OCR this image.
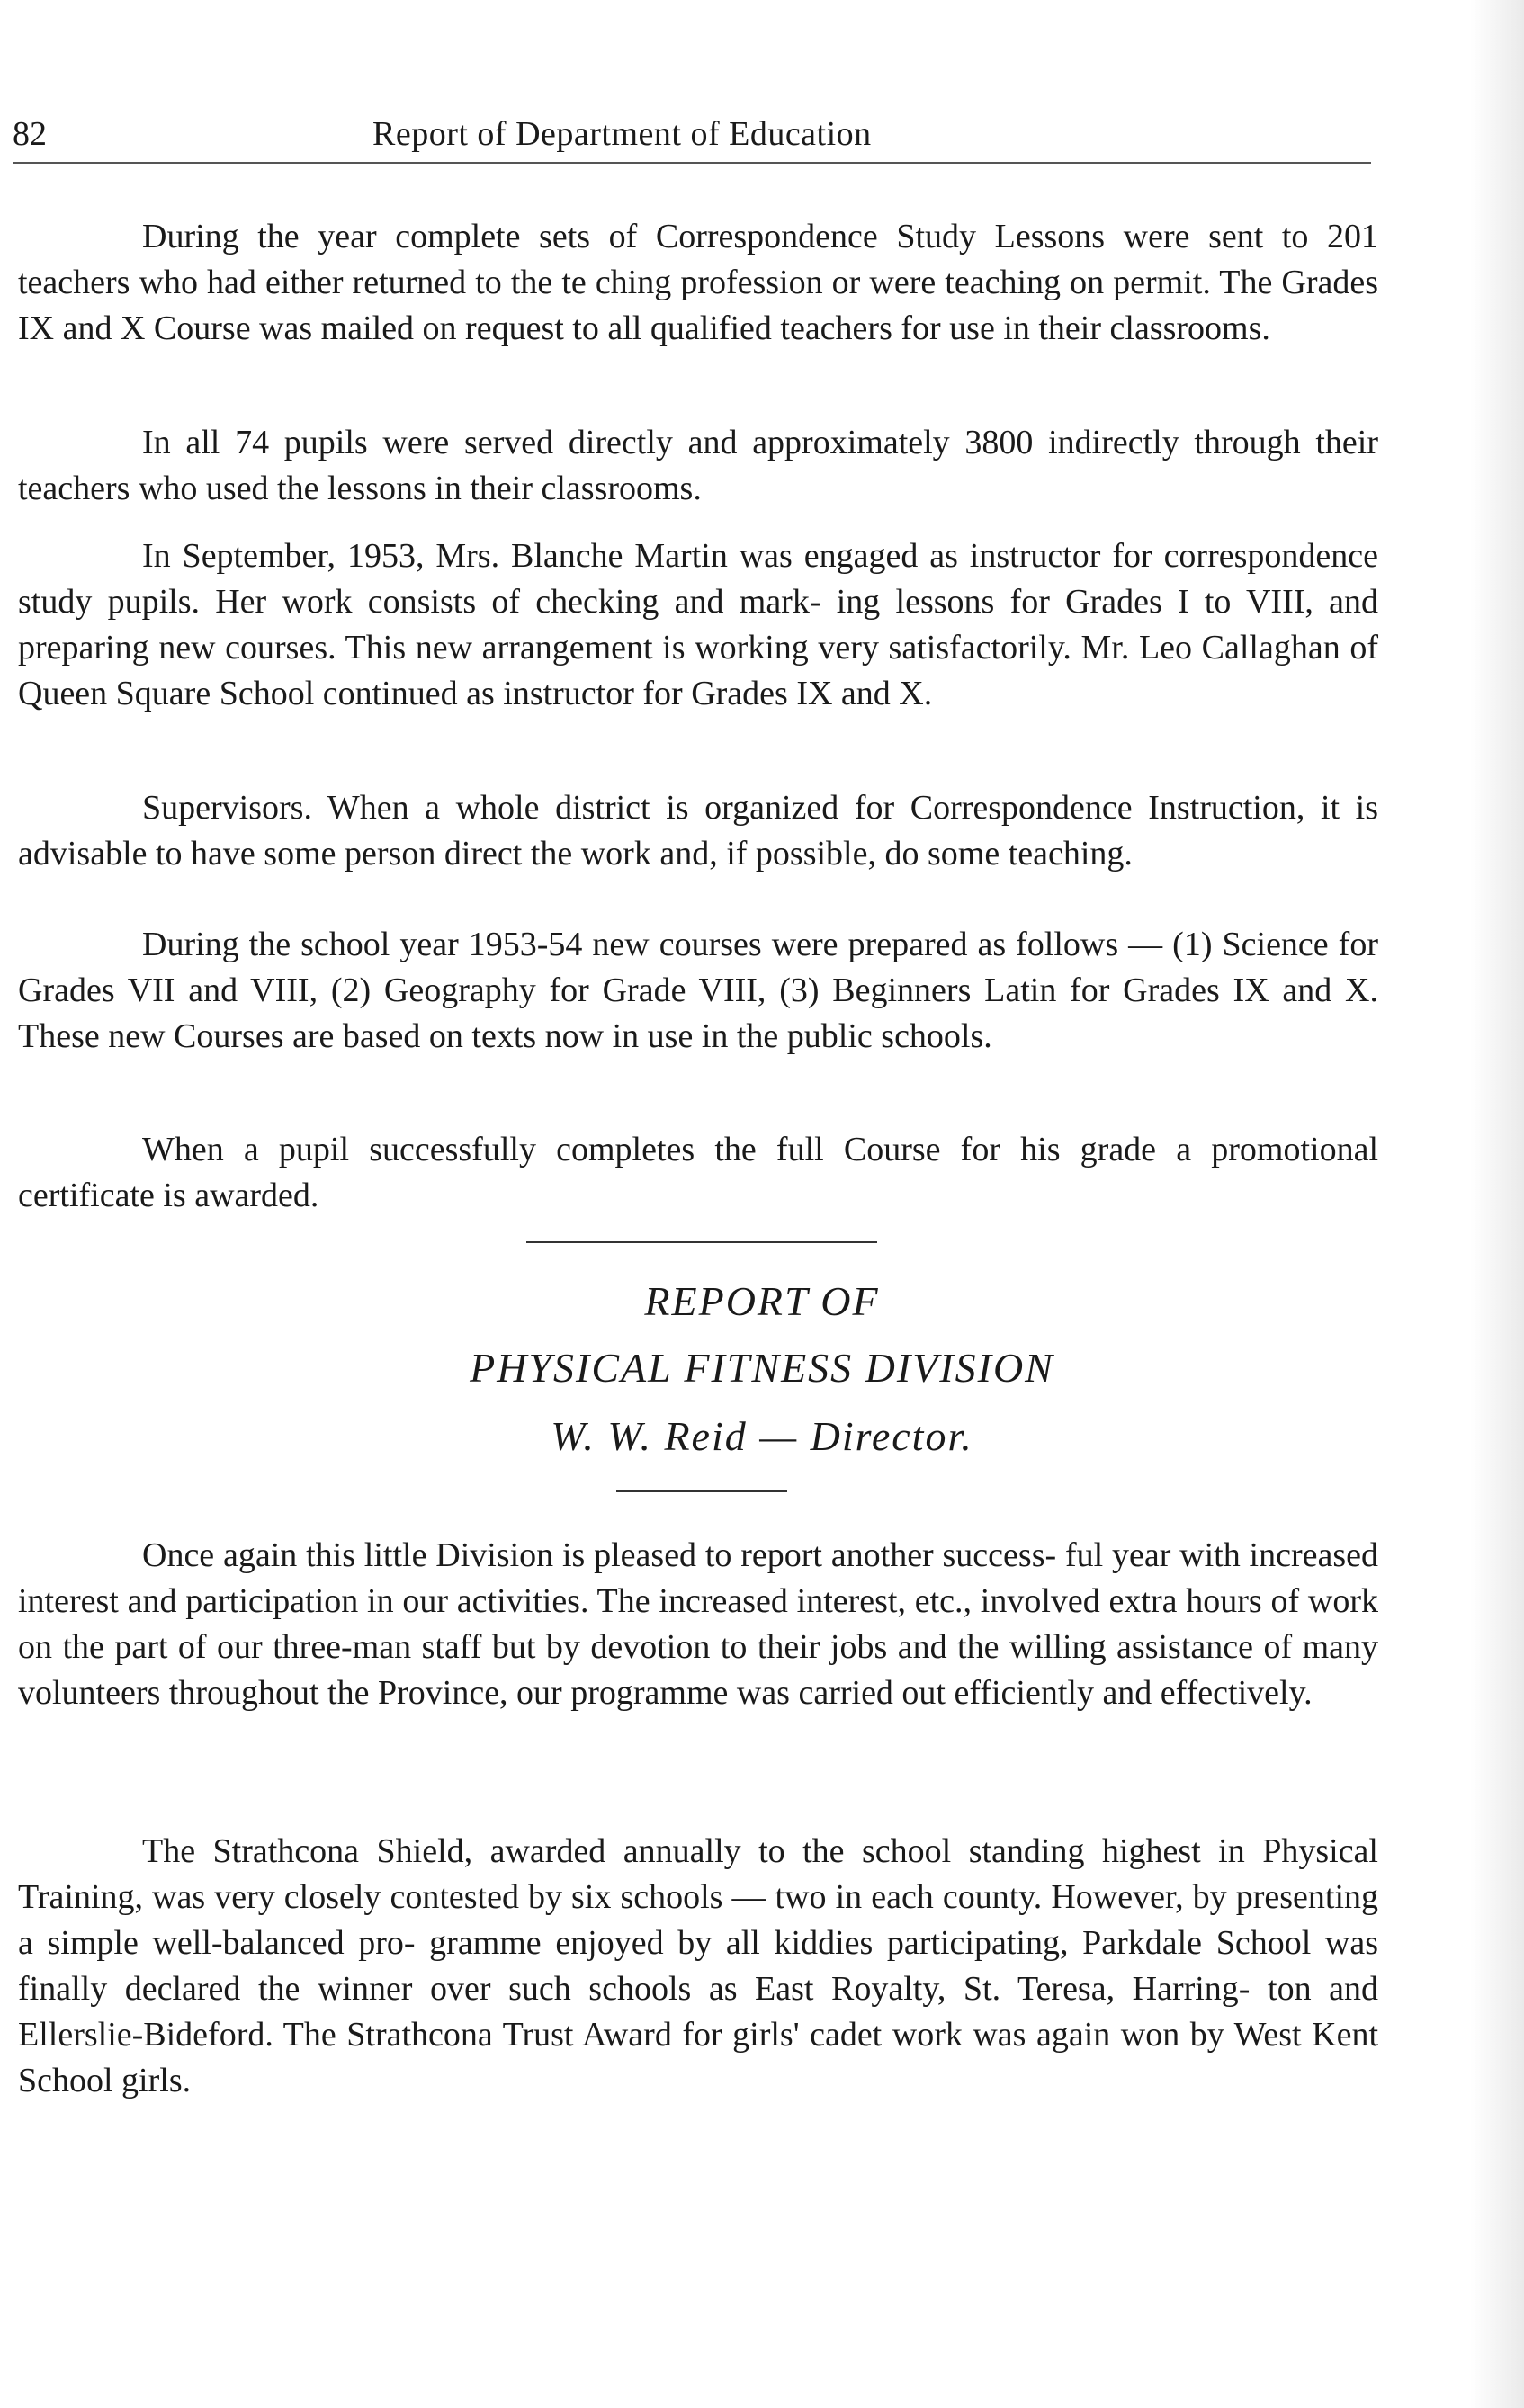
82	Report of Department of Education

During the year complete sets of Correspondence Study Lessons were sent to 201 teachers who had either returned to the te ching profession or were teaching on permit. The Grades IX and X Course was mailed on request to all qualified teachers for use in their classrooms.

In all 74 pupils were served directly and approximately 3800 indirectly through their teachers who used the lessons in their classrooms.

In September, 1953, Mrs. Blanche Martin was engaged as instructor for correspondence study pupils. Her work consists of checking and mark- ing lessons for Grades I to VIII, and preparing new courses. This new arrangement is working very satisfactorily. Mr. Leo Callaghan of Queen Square School continued as instructor for Grades IX and X.

Supervisors. When a whole district is organized for Correspondence Instruction, it is advisable to have some person direct the work and, if possible, do some teaching.

During the school year 1953-54 new courses were prepared as follows — (1) Science for Grades VII and VIII, (2) Geography for Grade VIII, (3) Beginners Latin for Grades IX and X. These new Courses are based on texts now in use in the public schools.

When a pupil successfully completes the full Course for his grade a promotional certificate is awarded.

REPORT OF
PHYSICAL FITNESS DIVISION
W. W. Reid — Director.

Once again this little Division is pleased to report another success- ful year with increased interest and participation in our activities. The increased interest, etc., involved extra hours of work on the part of our three-man staff but by devotion to their jobs and the willing assistance of many volunteers throughout the Province, our programme was carried out efficiently and effectively.

The Strathcona Shield, awarded annually to the school standing highest in Physical Training, was very closely contested by six schools — two in each county. However, by presenting a simple well-balanced pro- gramme enjoyed by all kiddies participating, Parkdale School was finally declared the winner over such schools as East Royalty, St. Teresa, Harring- ton and Ellerslie-Bideford. The Strathcona Trust Award for girls' cadet work was again won by West Kent School girls.
